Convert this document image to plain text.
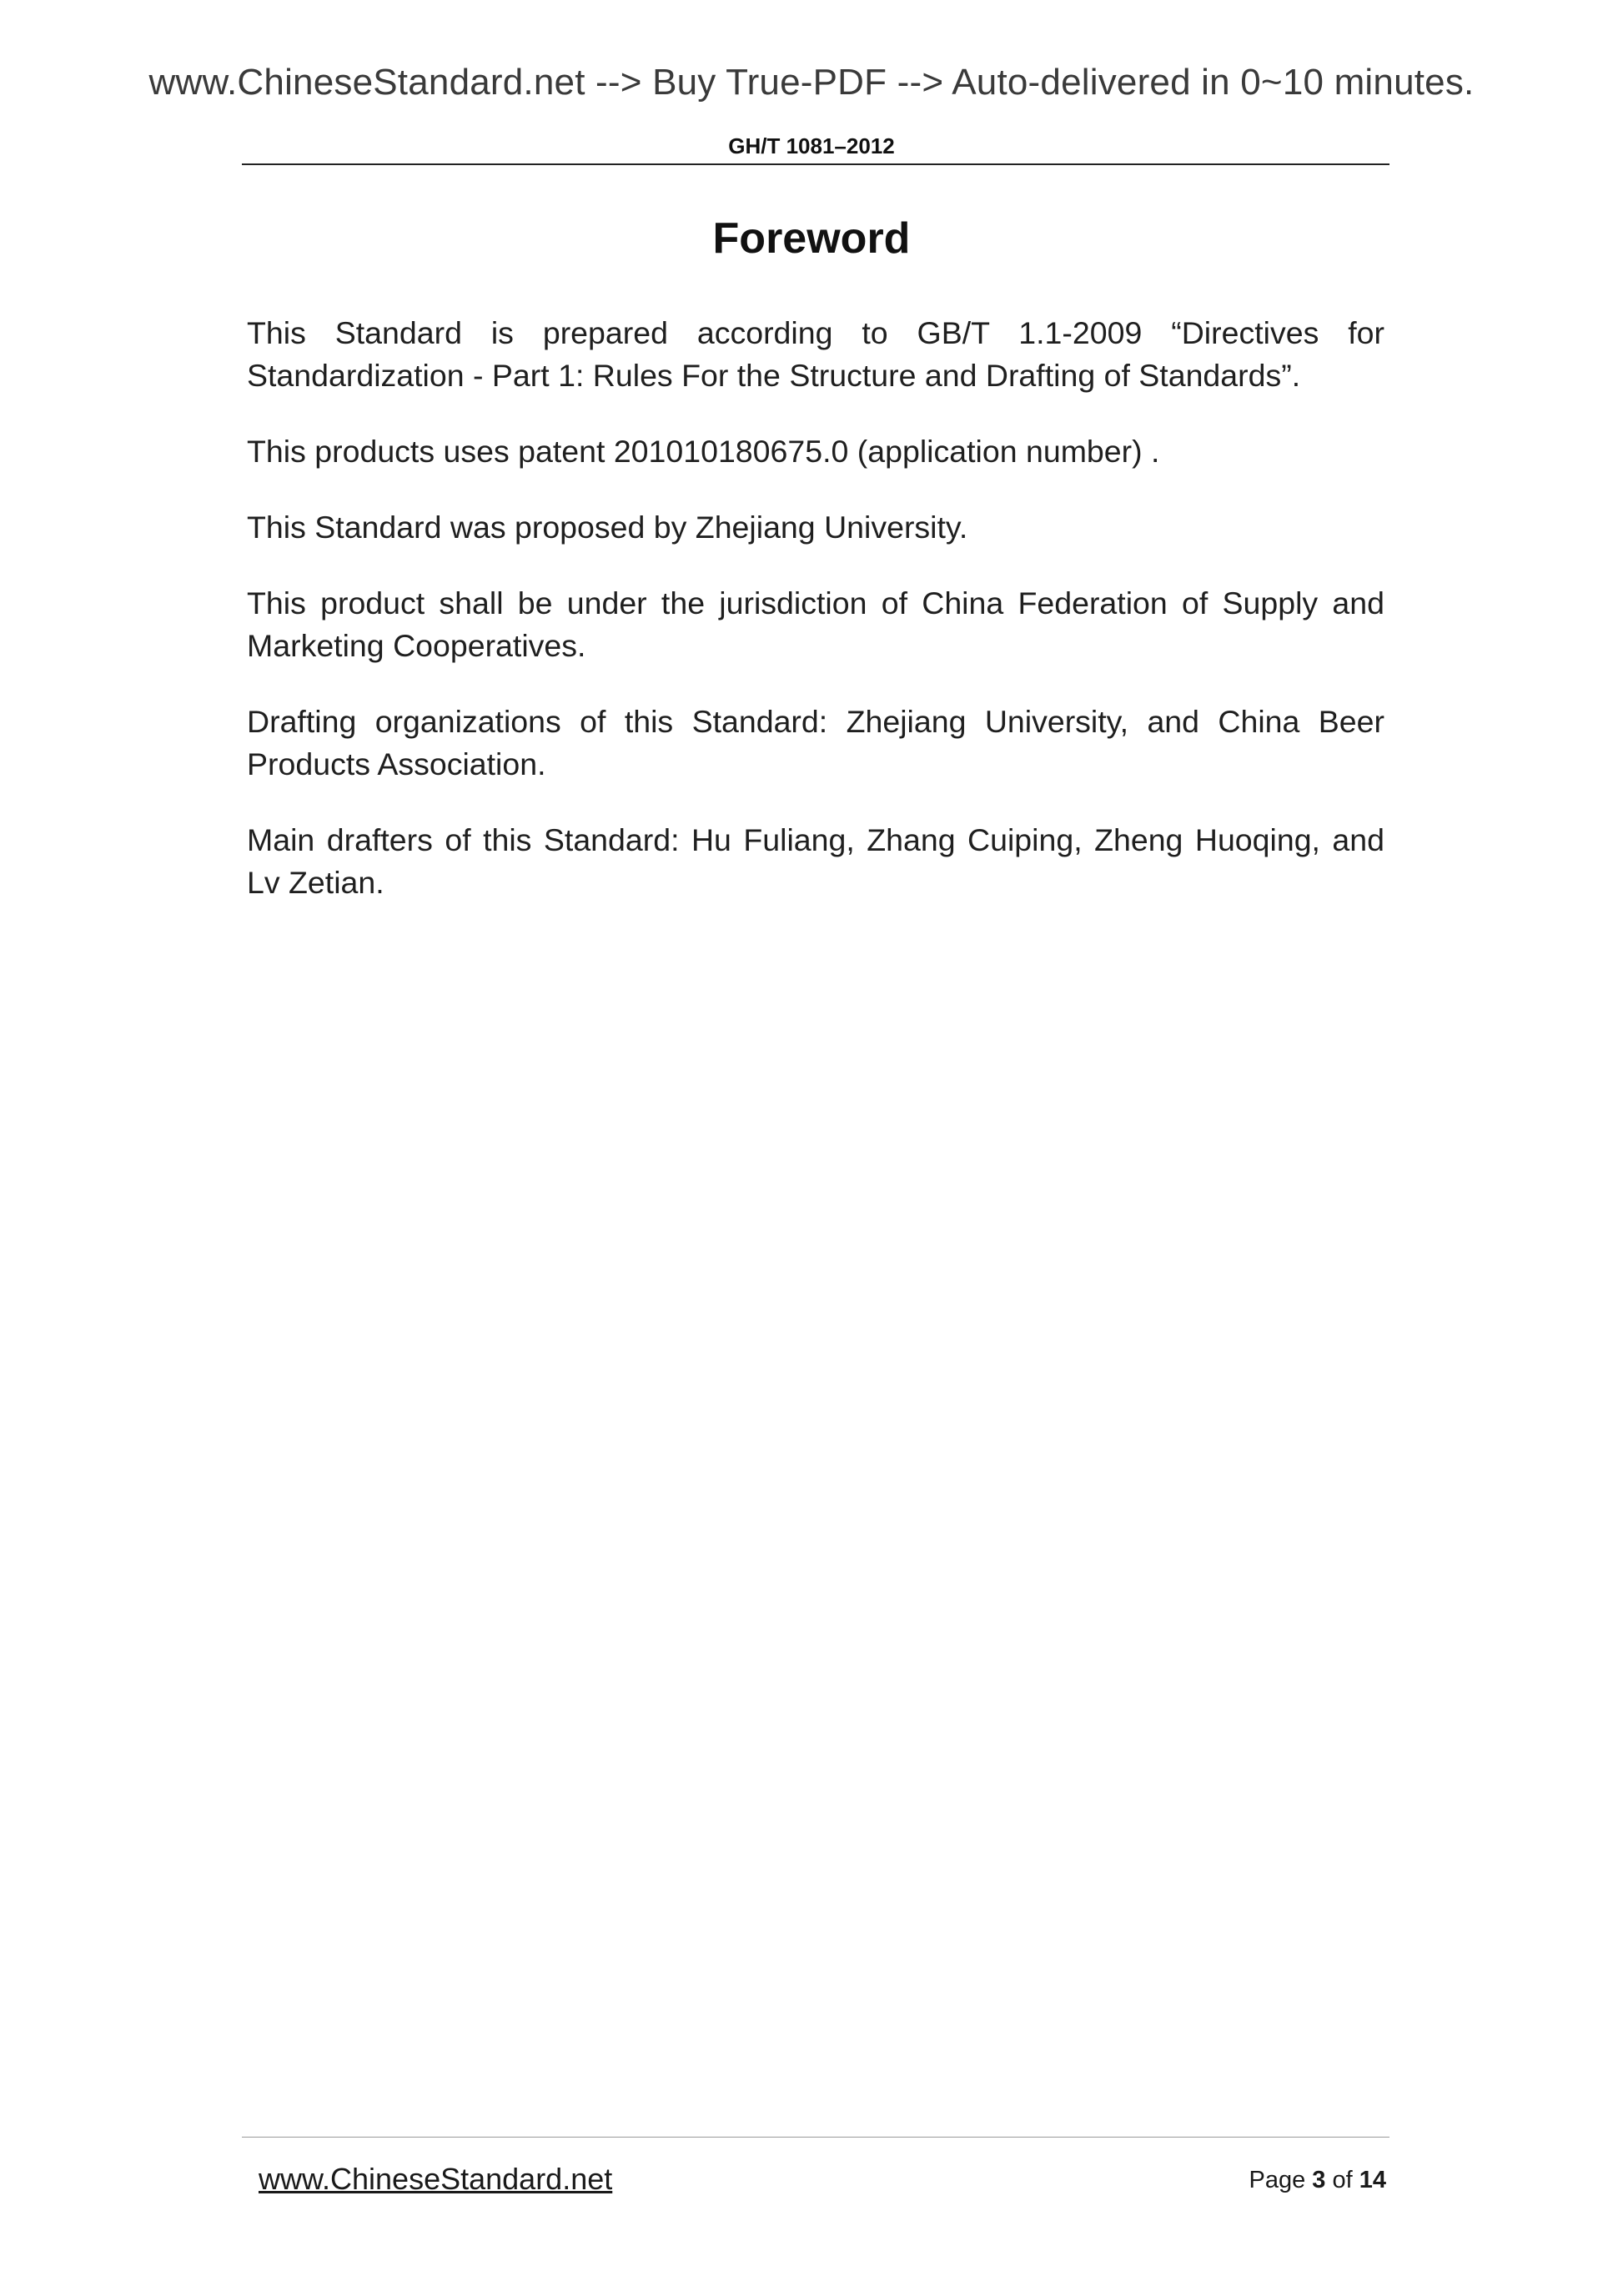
www.ChineseStandard.net --> Buy True-PDF --> Auto-delivered in 0~10 minutes.
GH/T 1081–2012
Foreword

This Standard is prepared according to GB/T 1.1-2009 “Directives for Standardization - Part 1: Rules For the Structure and Drafting of Standards”.

This products uses patent 201010180675.0 (application number) .

This Standard was proposed by Zhejiang University.

This product shall be under the jurisdiction of China Federation of Supply and Marketing Cooperatives.

Drafting organizations of this Standard: Zhejiang University, and China Beer Products Association.

Main drafters of this Standard: Hu Fuliang, Zhang Cuiping, Zheng Huoqing, and Lv Zetian.

www.ChineseStandard.net	Page 3 of 14
